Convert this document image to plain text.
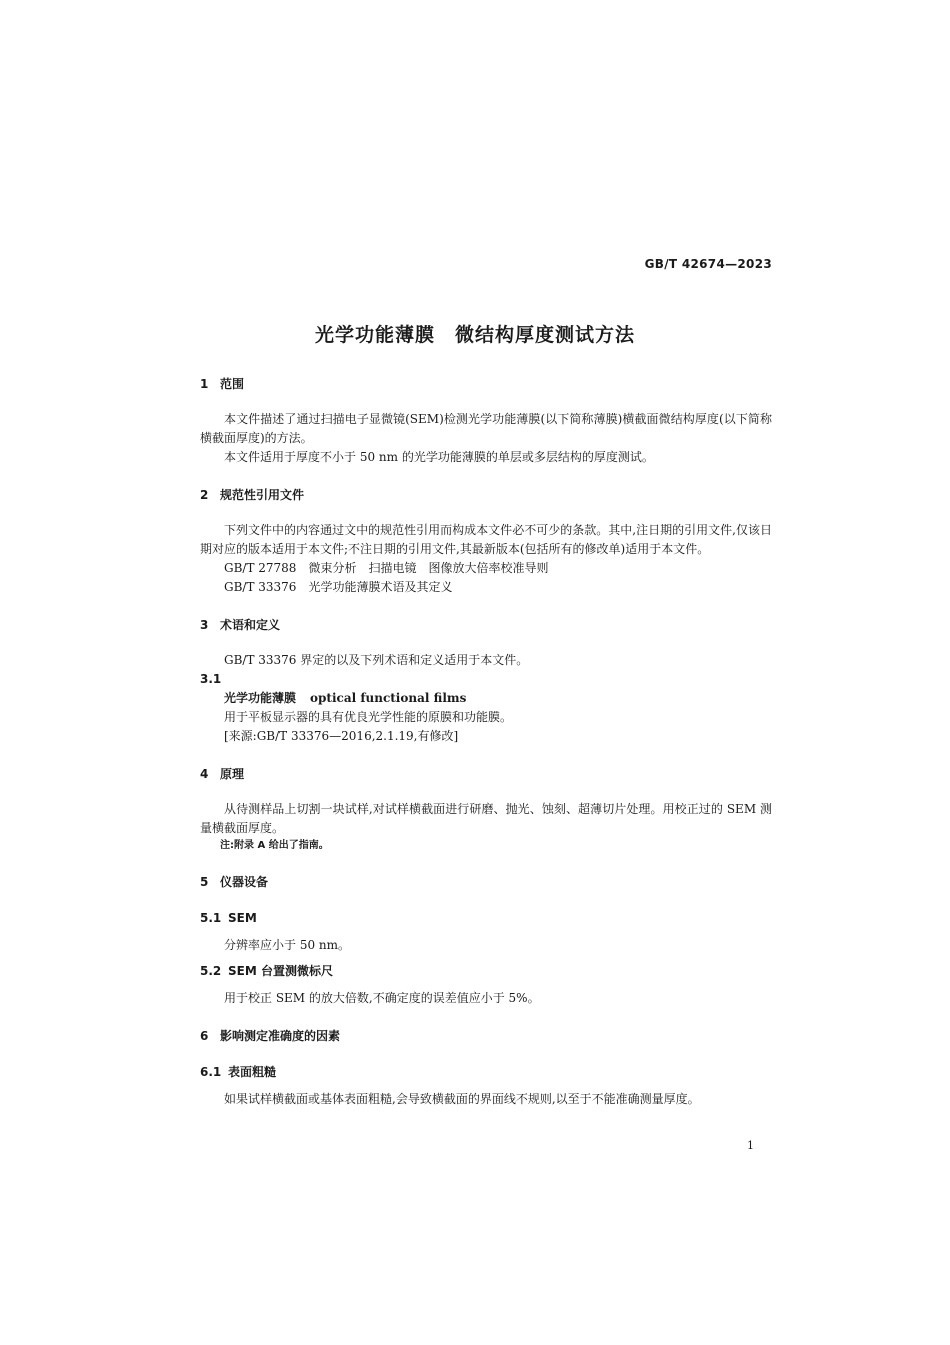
GB/T 42674—2023
光学功能薄膜　微结构厚度测试方法
1 范围

本文件描述了通过扫描电子显微镜(SEM)检测光学功能薄膜(以下简称薄膜)横截面微结构厚度(以下简称横截面厚度)的方法。

本文件适用于厚度不小于 50 nm 的光学功能薄膜的单层或多层结构的厚度测试。

2 规范性引用文件

下列文件中的内容通过文中的规范性引用而构成本文件必不可少的条款。其中,注日期的引用文件,仅该日期对应的版本适用于本文件;不注日期的引用文件,其最新版本(包括所有的修改单)适用于本文件。

GB/T 27788　微束分析　扫描电镜　图像放大倍率校准导则

GB/T 33376　光学功能薄膜术语及其定义

3 术语和定义

GB/T 33376 界定的以及下列术语和定义适用于本文件。

3.1
光学功能薄膜 optical functional films
用于平板显示器的具有优良光学性能的原膜和功能膜。
[来源:GB/T 33376—2016,2.1.19,有修改]
4 原理

从待测样品上切割一块试样,对试样横截面进行研磨、抛光、蚀刻、超薄切片处理。用校正过的 SEM 测量横截面厚度。

注:附录 A 给出了指南。
5 仪器设备
5.1 SEM

分辨率应小于 50 nm。

5.2 SEM 台置测微标尺

用于校正 SEM 的放大倍数,不确定度的误差值应小于 5%。

6 影响测定准确度的因素
6.1 表面粗糙

如果试样横截面或基体表面粗糙,会导致横截面的界面线不规则,以至于不能准确测量厚度。

1
